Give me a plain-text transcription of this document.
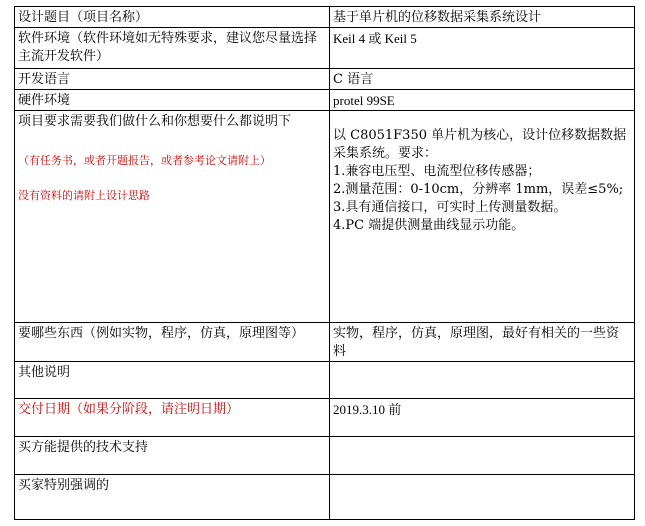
设计题目（项目名称）	基于单片机的位移数据采集系统设计
软件环境（软件环境如无特殊要求，建议您尽量选择主流开发软件）	Keil 4 或 Keil 5
开发语言	C 语言
硬件环境	protel 99SE
项目要求需要我们做什么和你想要什么都说明下
（有任务书，或者开题报告，或者参考论文请附上）
没有资料的请附上设计思路	以 C8051F350 单片机为核心，设计位移数据数据采集系统。要求：
1.兼容电压型、电流型位移传感器；
2.测量范围：0-10cm，分辨率 1mm，误差≤5%;
3.具有通信接口，可实时上传测量数据。
4.PC 端提供测量曲线显示功能。

要哪些东西（例如实物，程序，仿真，原理图等）	实物，程序，仿真，原理图，最好有相关的一些资料
其他说明	
交付日期（如果分阶段，请注明日期）	2019.3.10 前
买方能提供的技术支持	
买家特别强调的	
